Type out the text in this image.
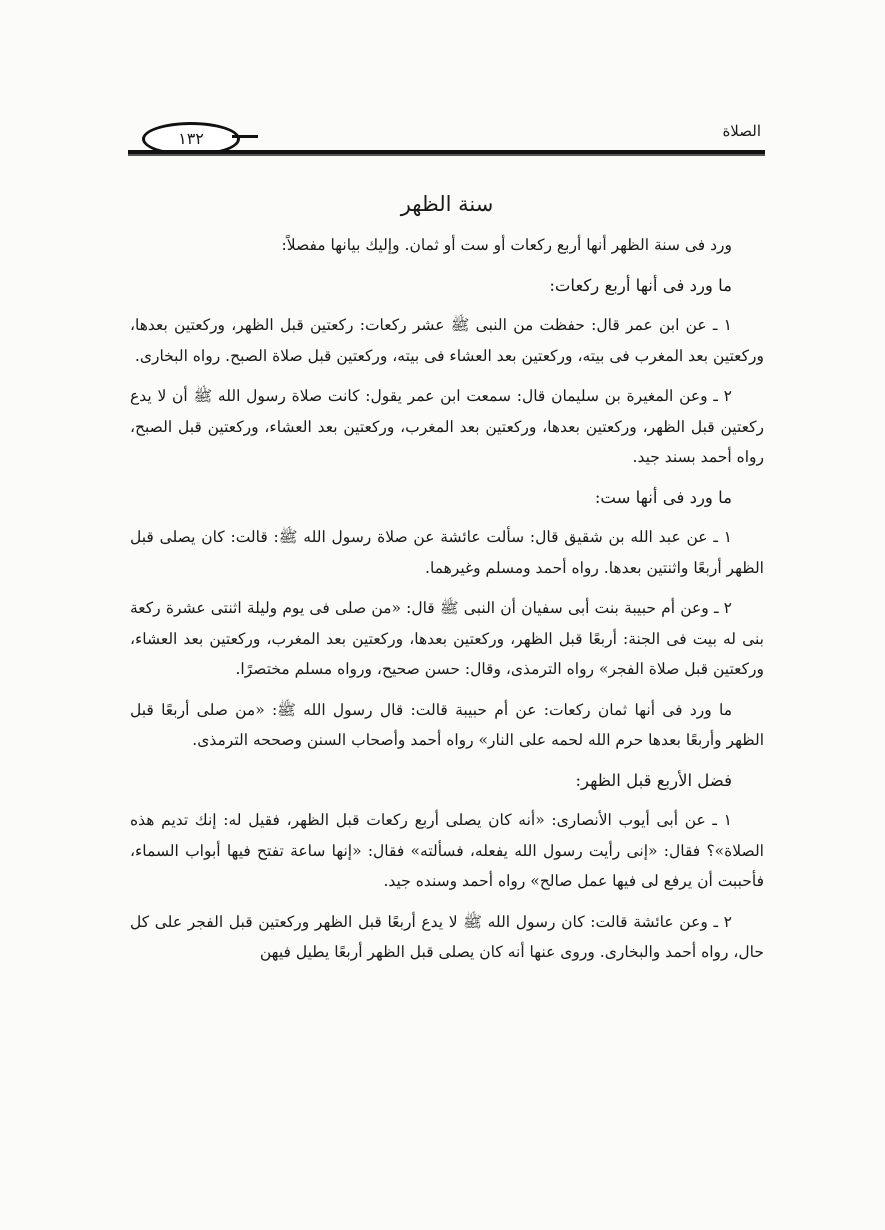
الصلاة
١٣٢
سنة الظهر

ورد فى سنة الظهر أنها أربع ركعات أو ست أو ثمان. وإليك بيانها مفصلاً:

ما ورد فى أنها أربع ركعات:

١ ـ عن ابن عمر قال: حفظت من النبى ﷺ عشر ركعات: ركعتين قبل الظهر، وركعتين بعدها، وركعتين بعد المغرب فى بيته، وركعتين بعد العشاء فى بيته، وركعتين قبل صلاة الصبح. رواه البخارى.

٢ ـ وعن المغيرة بن سليمان قال: سمعت ابن عمر يقول: كانت صلاة رسول الله ﷺ أن لا يدع ركعتين قبل الظهر، وركعتين بعدها، وركعتين بعد المغرب، وركعتين بعد العشاء، وركعتين قبل الصبح، رواه أحمد بسند جيد.

ما ورد فى أنها ست:

١ ـ عن عبد الله بن شقيق قال: سألت عائشة عن صلاة رسول الله ﷺ: قالت: كان يصلى قبل الظهر أربعًا واثنتين بعدها. رواه أحمد ومسلم وغيرهما.

٢ ـ وعن أم حبيبة بنت أبى سفيان أن النبى ﷺ قال: «من صلى فى يوم وليلة اثنتى عشرة ركعة بنى له بيت فى الجنة: أربعًا قبل الظهر، وركعتين بعدها، وركعتين بعد المغرب، وركعتين بعد العشاء، وركعتين قبل صلاة الفجر» رواه الترمذى، وقال: حسن صحيح، ورواه مسلم مختصرًا.

ما ورد فى أنها ثمان ركعات: عن أم حبيبة قالت: قال رسول الله ﷺ: «من صلى أربعًا قبل الظهر وأربعًا بعدها حرم الله لحمه على النار» رواه أحمد وأصحاب السنن وصححه الترمذى.

فضل الأربع قبل الظهر:

١ ـ عن أبى أيوب الأنصارى: «أنه كان يصلى أربع ركعات قبل الظهر، فقيل له: إنك تديم هذه الصلاة»؟ فقال: «إنى رأيت رسول الله يفعله، فسألته» فقال: «إنها ساعة تفتح فيها أبواب السماء، فأحببت أن يرفع لى فيها عمل صالح» رواه أحمد وسنده جيد.

٢ ـ وعن عائشة قالت: كان رسول الله ﷺ لا يدع أربعًا قبل الظهر وركعتين قبل الفجر على كل حال، رواه أحمد والبخارى. وروى عنها أنه كان يصلى قبل الظهر أربعًا يطيل فيهن
